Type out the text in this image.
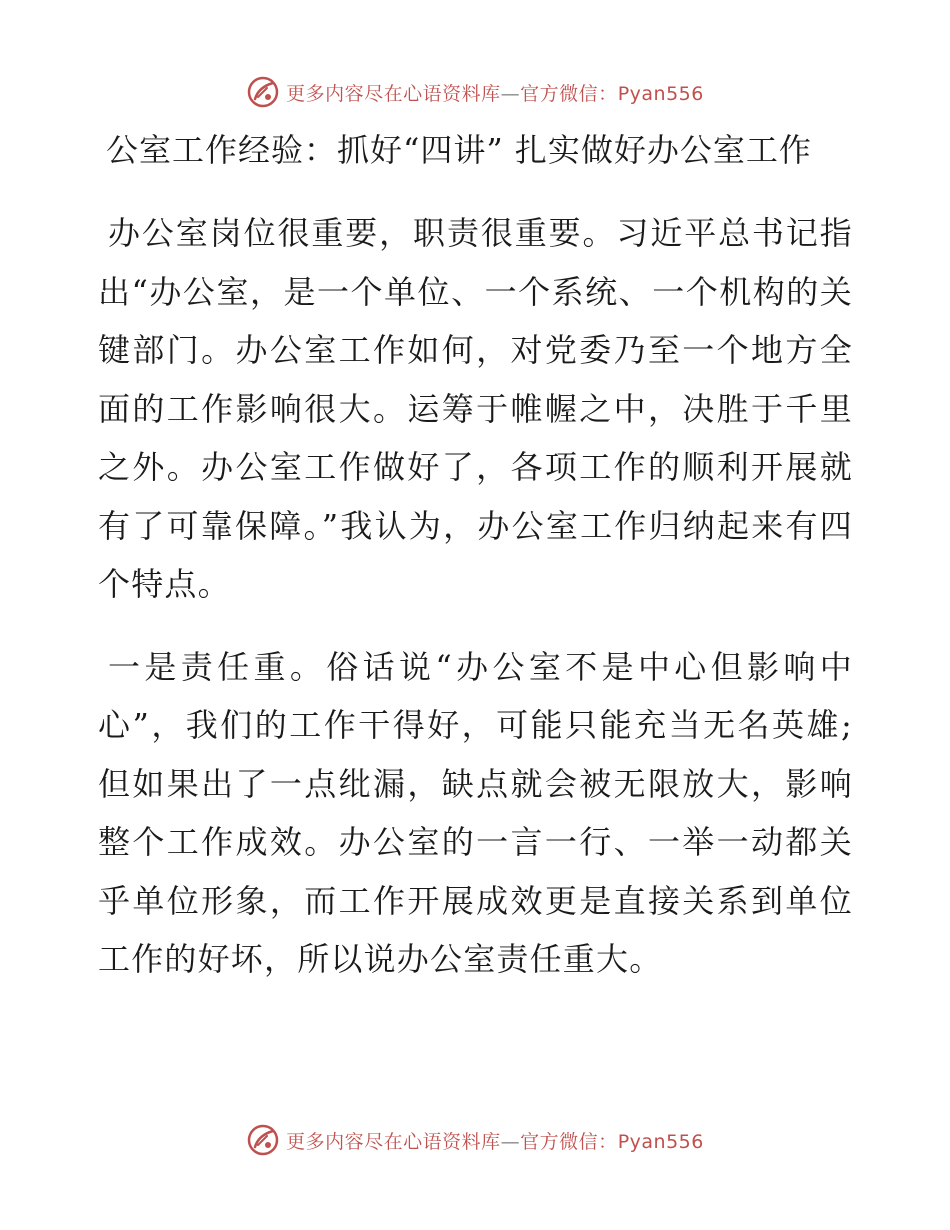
更多内容尽在心语资料库—官方微信：Pyan556
公室工作经验：抓好“四讲” 扎实做好办公室工作

办公室岗位很重要，职责很重要。习近平总书记指出“办公室，是一个单位、一个系统、一个机构的关键部门。办公室工作如何，对党委乃至一个地方全面的工作影响很大。运筹于帷幄之中，决胜于千里之外。办公室工作做好了，各项工作的顺利开展就有了可靠保障。”我认为，办公室工作归纳起来有四个特点。

一是责任重。俗话说“办公室不是中心但影响中心”，我们的工作干得好，可能只能充当无名英雄;但如果出了一点纰漏，缺点就会被无限放大，影响整个工作成效。办公室的一言一行、一举一动都关乎单位形象，而工作开展成效更是直接关系到单位工作的好坏，所以说办公室责任重大。

更多内容尽在心语资料库—官方微信：Pyan556
